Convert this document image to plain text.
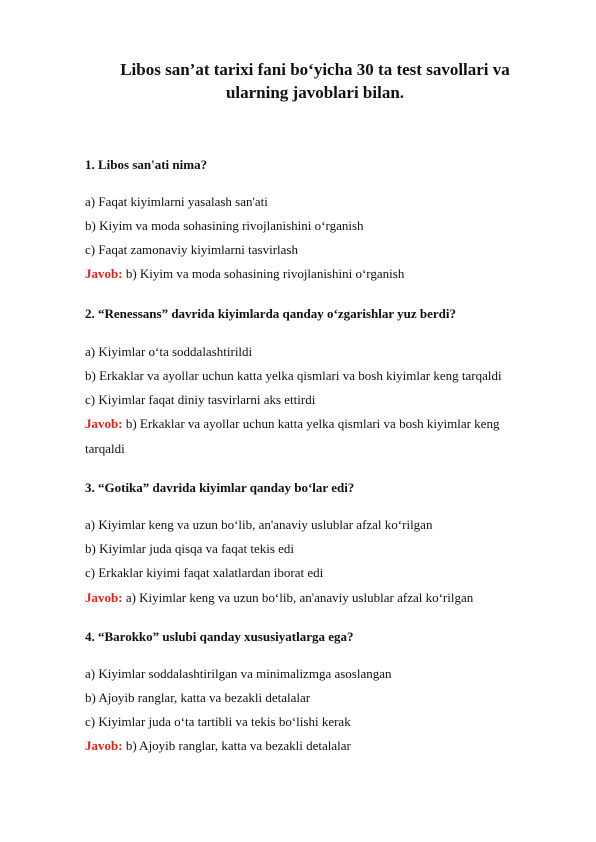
Libos san’at tarixi fani bo‘yicha 30 ta test savollari va ularning javoblari bilan.
1. Libos san'ati nima?
a) Faqat kiyimlarni yasalash san'ati
b) Kiyim va moda sohasining rivojlanishini o‘rganish
c) Faqat zamonaviy kiyimlarni tasvirlash
Javob: b) Kiyim va moda sohasining rivojlanishini o‘rganish
2. “Renessans” davrida kiyimlarda qanday o‘zgarishlar yuz berdi?
a) Kiyimlar o‘ta soddalashtirildi
b) Erkaklar va ayollar uchun katta yelka qismlari va bosh kiyimlar keng tarqaldi
c) Kiyimlar faqat diniy tasvirlarni aks ettirdi
Javob: b) Erkaklar va ayollar uchun katta yelka qismlari va bosh kiyimlar keng
tarqaldi
3. “Gotika” davrida kiyimlar qanday bo‘lar edi?
a) Kiyimlar keng va uzun bo‘lib, an'anaviy uslublar afzal ko‘rilgan
b) Kiyimlar juda qisqa va faqat tekis edi
c) Erkaklar kiyimi faqat xalatlardan iborat edi
Javob: a) Kiyimlar keng va uzun bo‘lib, an'anaviy uslublar afzal ko‘rilgan
4. “Barokko” uslubi qanday xususiyatlarga ega?
a) Kiyimlar soddalashtirilgan va minimalizmga asoslangan
b) Ajoyib ranglar, katta va bezakli detalalar
c) Kiyimlar juda o‘ta tartibli va tekis bo‘lishi kerak
Javob: b) Ajoyib ranglar, katta va bezakli detalalar
